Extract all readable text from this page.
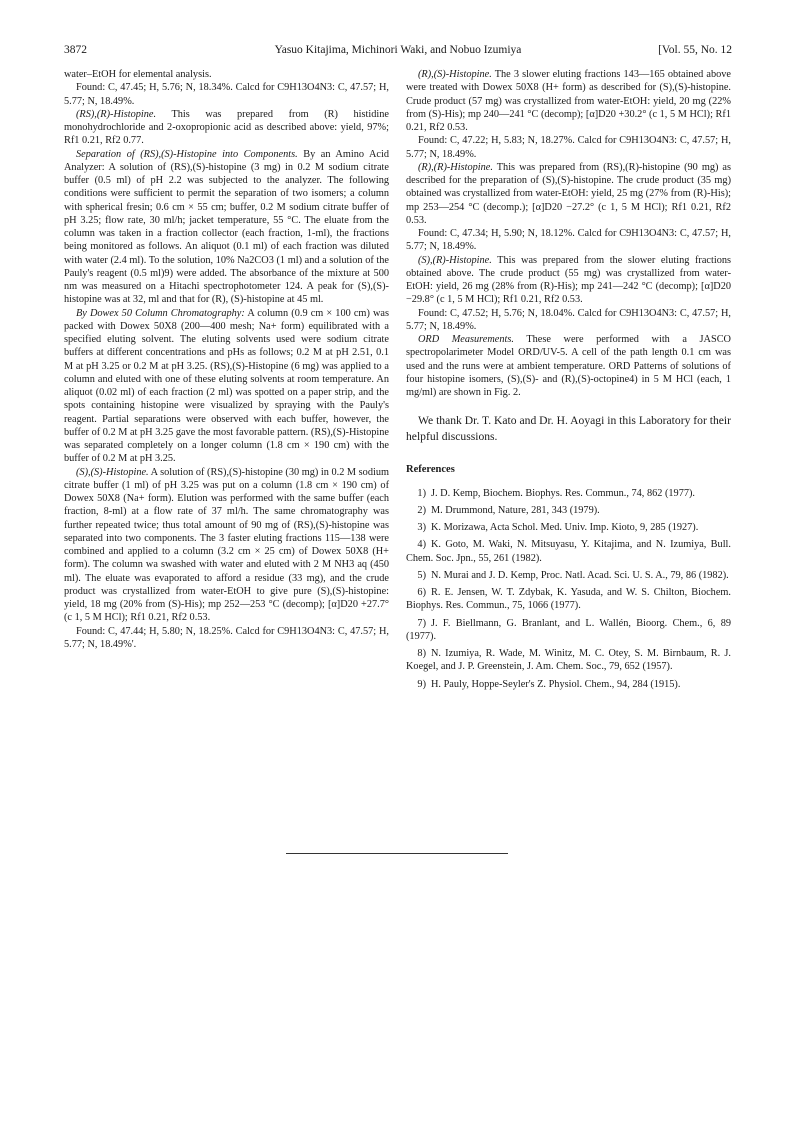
3872	Yasuo Kitajima, Michinori Waki, and Nobuo Izumiya	[Vol. 55, No. 12

water–EtOH for elemental analysis.

Found: C, 47.45; H, 5.76; N, 18.34%. Calcd for C9H13O4N3: C, 47.57; H, 5.77; N, 18.49%.

(RS),(R)-Histopine. This was prepared from (R) histidine monohydrochloride and 2-oxopropionic acid as described above: yield, 97%; Rf1 0.21, Rf2 0.77.

Separation of (RS),(S)-Histopine into Components. By an Amino Acid Analyzer: A solution of (RS),(S)-histopine (3 mg) in 0.2 M sodium citrate buffer (0.5 ml) of pH 2.2 was subjected to the analyzer. The following conditions were sufficient to permit the separation of two isomers; a column with spherical fresin; 0.6 cm × 55 cm; buffer, 0.2 M sodium citrate buffer of pH 3.25; flow rate, 30 ml/h; jacket temperature, 55 °C. The eluate from the column was taken in a fraction collector (each fraction, 1-ml), the fractions being monitored as follows. An aliquot (0.1 ml) of each fraction was diluted with water (2.4 ml). To the solution, 10% Na2CO3 (1 ml) and a solution of the Pauly's reagent (0.5 ml)9) were added. The absorbance of the mixture at 500 nm was measured on a Hitachi spectrophotometer 124. A peak for (S),(S)-histopine was at 32, ml and that for (R), (S)-histopine at 45 ml.

By Dowex 50 Column Chromatography: A column (0.9 cm × 100 cm) was packed with Dowex 50X8 (200—400 mesh; Na+ form) equilibrated with a specified eluting solvent. The eluting solvents used were sodium citrate buffers at different concentrations and pHs as follows; 0.2 M at pH 2.51, 0.1 M at pH 3.25 or 0.2 M at pH 3.25. (RS),(S)-Histopine (6 mg) was applied to a column and eluted with one of these eluting solvents at room temperature. An aliquot (0.02 ml) of each fraction (2 ml) was spotted on a paper strip, and the spots containing histopine were visualized by spraying with the Pauly's reagent. Partial separations were observed with each buffer, however, the buffer of 0.2 M at pH 3.25 gave the most favorable pattern. (RS),(S)-Histopine was separated completely on a longer column (1.8 cm × 190 cm) with the buffer of 0.2 M at pH 3.25.

(S),(S)-Histopine. A solution of (RS),(S)-histopine (30 mg) in 0.2 M sodium citrate buffer (1 ml) of pH 3.25 was put on a column (1.8 cm × 190 cm) of Dowex 50X8 (Na+ form). Elution was performed with the same buffer (each fraction, 8-ml) at a flow rate of 37 ml/h. The same chromatography was further repeated twice; thus total amount of 90 mg of (RS),(S)-histopine was separated into two components. The 3 faster eluting fractions 115—138 were combined and applied to a column (3.2 cm × 25 cm) of Dowex 50X8 (H+ form). The column wa swashed with water and eluted with 2 M NH3 aq (450 ml). The eluate was evaporated to afford a residue (33 mg), and the crude product was crystallized from water-EtOH to give pure (S),(S)-histopine: yield, 18 mg (20% from (S)-His); mp 252—253 °C (decomp); [α]D20 +27.7° (c 1, 5 M HCl); Rf1 0.21, Rf2 0.53.

Found: C, 47.44; H, 5.80; N, 18.25%. Calcd for C9H13O4N3: C, 47.57; H, 5.77; N, 18.49%'.

(R),(S)-Histopine. The 3 slower eluting fractions 143—165 obtained above were treated with Dowex 50X8 (H+ form) as described for (S),(S)-histopine. Crude product (57 mg) was crystallized from water-EtOH: yield, 20 mg (22% from (S)-His); mp 240—241 °C (decomp); [α]D20 +30.2° (c 1, 5 M HCl); Rf1 0.21, Rf2 0.53.

Found: C, 47.22; H, 5.83; N, 18.27%. Calcd for C9H13O4N3: C, 47.57; H, 5.77; N, 18.49%.

(R),(R)-Histopine. This was prepared from (RS),(R)-histopine (90 mg) as described for the preparation of (S),(S)-histopine. The crude product (35 mg) obtained was crystallized from water-EtOH: yield, 25 mg (27% from (R)-His); mp 253—254 °C (decomp.); [α]D20 −27.2° (c 1, 5 M HCl); Rf1 0.21, Rf2 0.53.

Found: C, 47.34; H, 5.90; N, 18.12%. Calcd for C9H13O4N3: C, 47.57; H, 5.77; N, 18.49%.

(S),(R)-Histopine. This was prepared from the slower eluting fractions obtained above. The crude product (55 mg) was crystallized from water-EtOH: yield, 26 mg (28% from (R)-His); mp 241—242 °C (decomp); [α]D20 −29.8° (c 1, 5 M HCl); Rf1 0.21, Rf2 0.53.

Found: C, 47.52; H, 5.76; N, 18.04%. Calcd for C9H13O4N3: C, 47.57; H, 5.77; N, 18.49%.

ORD Measurements. These were performed with a JASCO spectropolarimeter Model ORD/UV-5. A cell of the path length 0.1 cm was used and the runs were at ambient temperature. ORD Patterns of solutions of four histopine isomers, (S),(S)- and (R),(S)-octopine4) in 5 M HCl (each, 1 mg/ml) are shown in Fig. 2.

We thank Dr. T. Kato and Dr. H. Aoyagi in this Laboratory for their helpful discussions.

References

1) J. D. Kemp, Biochem. Biophys. Res. Commun., 74, 862 (1977).

2) M. Drummond, Nature, 281, 343 (1979).

3) K. Morizawa, Acta Schol. Med. Univ. Imp. Kioto, 9, 285 (1927).

4) K. Goto, M. Waki, N. Mitsuyasu, Y. Kitajima, and N. Izumiya, Bull. Chem. Soc. Jpn., 55, 261 (1982).

5) N. Murai and J. D. Kemp, Proc. Natl. Acad. Sci. U. S. A., 79, 86 (1982).

6) R. E. Jensen, W. T. Zdybak, K. Yasuda, and W. S. Chilton, Biochem. Biophys. Res. Commun., 75, 1066 (1977).

7) J. F. Biellmann, G. Branlant, and L. Wallén, Bioorg. Chem., 6, 89 (1977).

8) N. Izumiya, R. Wade, M. Winitz, M. C. Otey, S. M. Birnbaum, R. J. Koegel, and J. P. Greenstein, J. Am. Chem. Soc., 79, 652 (1957).

9) H. Pauly, Hoppe-Seyler's Z. Physiol. Chem., 94, 284 (1915).
